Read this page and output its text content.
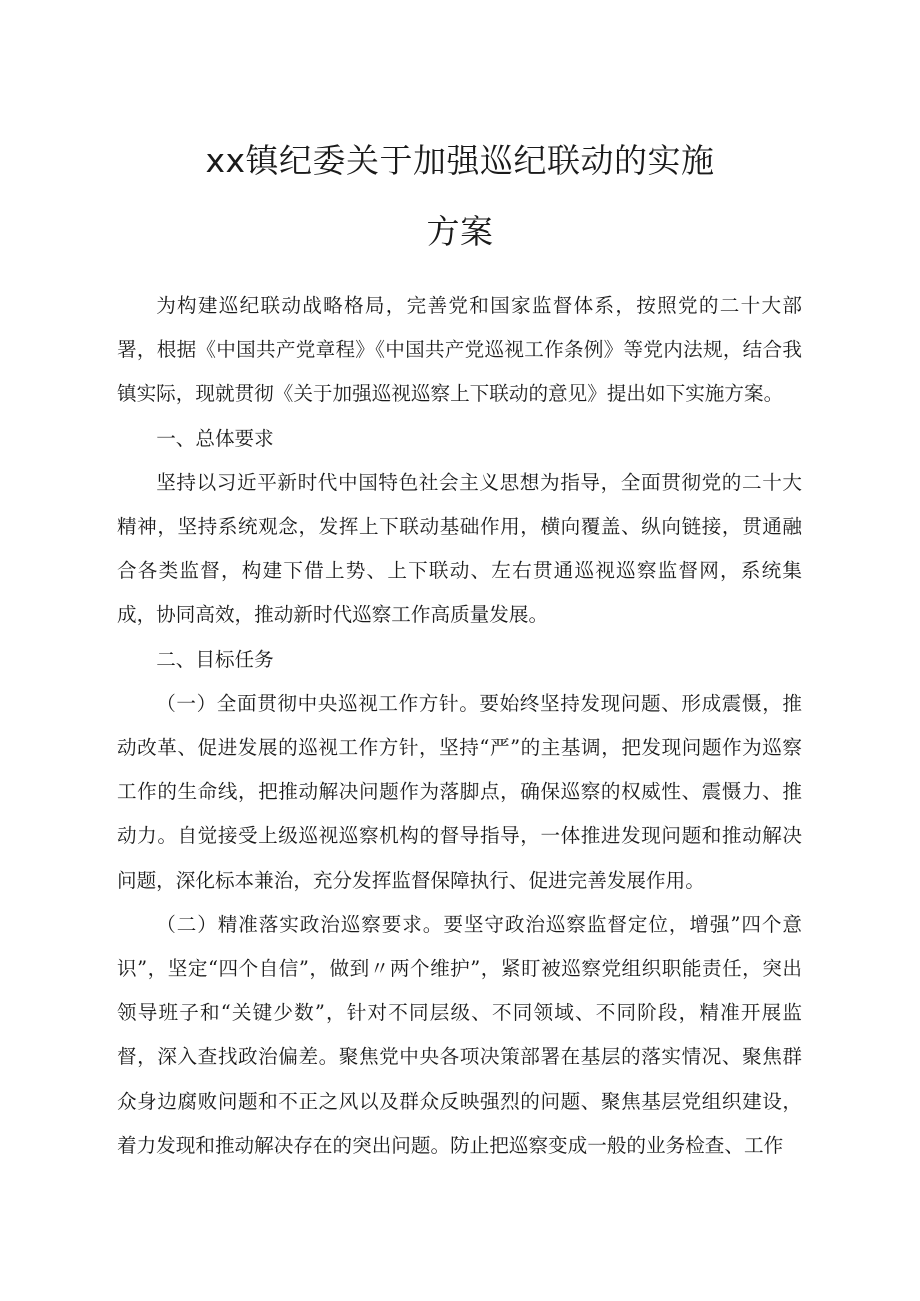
xx镇纪委关于加强巡纪联动的实施
方案

为构建巡纪联动战略格局，完善党和国家监督体系，按照党的二十大部署，根据《中国共产党章程》《中国共产党巡视工作条例》等党内法规，结合我镇实际，现就贯彻《关于加强巡视巡察上下联动的意见》提出如下实施方案。

一、总体要求

坚持以习近平新时代中国特色社会主义思想为指导，全面贯彻党的二十大精神，坚持系统观念，发挥上下联动基础作用，横向覆盖、纵向链接，贯通融合各类监督，构建下借上势、上下联动、左右贯通巡视巡察监督网，系统集成，协同高效，推动新时代巡察工作高质量发展。

二、目标任务

（一）全面贯彻中央巡视工作方针。要始终坚持发现问题、形成震慑，推动改革、促进发展的巡视工作方针，坚持“严”的主基调，把发现问题作为巡察工作的生命线，把推动解决问题作为落脚点，确保巡察的权威性、震慑力、推动力。自觉接受上级巡视巡察机构的督导指导，一体推进发现问题和推动解决问题，深化标本兼治，充分发挥监督保障执行、促进完善发展作用。

（二）精准落实政治巡察要求。要坚守政治巡察监督定位，增强”四个意识”，坚定“四个自信”，做到〃两个维护”，紧盯被巡察党组织职能责任，突出领导班子和“关键少数”，针对不同层级、不同领域、不同阶段，精准开展监督，深入查找政治偏差。聚焦党中央各项决策部署在基层的落实情况、聚焦群众身边腐败问题和不正之风以及群众反映强烈的问题、聚焦基层党组织建设，着力发现和推动解决存在的突出问题。防止把巡察变成一般的业务检查、工作
